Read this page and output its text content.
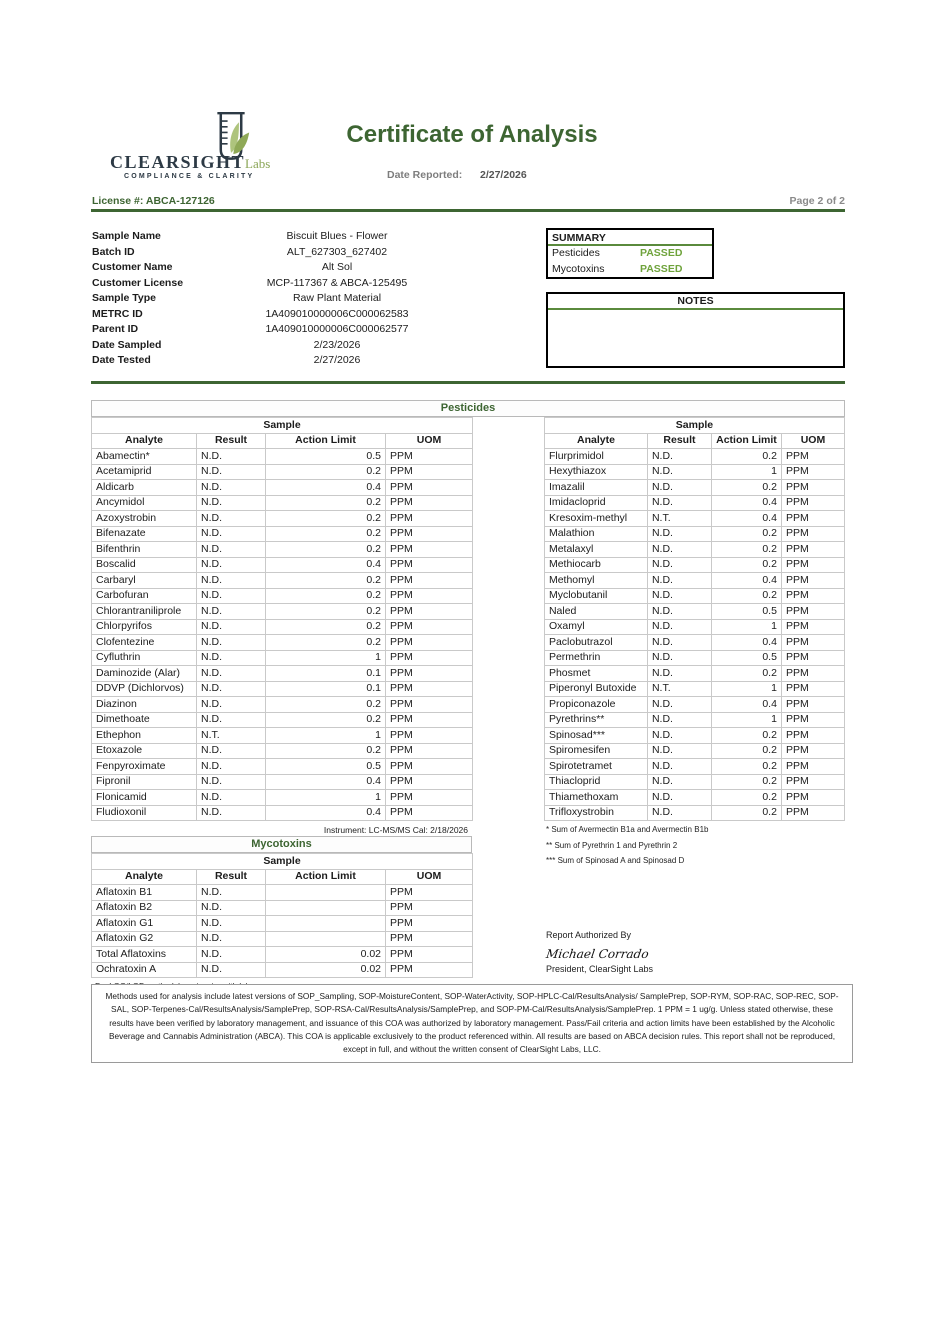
CLEARSIGHTLabs
COMPLIANCE & CLARITY
Certificate of Analysis
Date Reported: 2/27/2026
License #: ABCA-127126	Page 2 of 2
Sample Name	Biscuit Blues - Flower
Batch ID	ALT_627303_627402
Customer Name	Alt Sol
Customer License	MCP-117367 & ABCA-125495
Sample Type	Raw Plant Material
METRC ID	1A409010000006C000062583
Parent ID	1A409010000006C000062577
Date Sampled	2/23/2026
Date Tested	2/27/2026
SUMMARY
Pesticides	PASSED
Mycotoxins	PASSED
NOTES
Pesticides
Sample			
Analyte	Result	Action Limit	UOM
Abamectin*	N.D.	0.5	PPM
Acetamiprid	N.D.	0.2	PPM
Aldicarb	N.D.	0.4	PPM
Ancymidol	N.D.	0.2	PPM
Azoxystrobin	N.D.	0.2	PPM
Bifenazate	N.D.	0.2	PPM
Bifenthrin	N.D.	0.2	PPM
Boscalid	N.D.	0.4	PPM
Carbaryl	N.D.	0.2	PPM
Carbofuran	N.D.	0.2	PPM
Chlorantraniliprole	N.D.	0.2	PPM
Chlorpyrifos	N.D.	0.2	PPM
Clofentezine	N.D.	0.2	PPM
Cyfluthrin	N.D.	1	PPM
Daminozide (Alar)	N.D.	0.1	PPM
DDVP (Dichlorvos)	N.D.	0.1	PPM
Diazinon	N.D.	0.2	PPM
Dimethoate	N.D.	0.2	PPM
Ethephon	N.T.	1	PPM
Etoxazole	N.D.	0.2	PPM
Fenpyroximate	N.D.	0.5	PPM
Fipronil	N.D.	0.4	PPM
Flonicamid	N.D.	1	PPM
Fludioxonil	N.D.	0.4	PPM
Sample			
Analyte	Result	Action Limit	UOM
Flurprimidol	N.D.	0.2	PPM
Hexythiazox	N.D.	1	PPM
Imazalil	N.D.	0.2	PPM
Imidacloprid	N.D.	0.4	PPM
Kresoxim-methyl	N.T.	0.4	PPM
Malathion	N.D.	0.2	PPM
Metalaxyl	N.D.	0.2	PPM
Methiocarb	N.D.	0.2	PPM
Methomyl	N.D.	0.4	PPM
Myclobutanil	N.D.	0.2	PPM
Naled	N.D.	0.5	PPM
Oxamyl	N.D.	1	PPM
Paclobutrazol	N.D.	0.4	PPM
Permethrin	N.D.	0.5	PPM
Phosmet	N.D.	0.2	PPM
Piperonyl Butoxide	N.T.	1	PPM
Propiconazole	N.D.	0.4	PPM
Pyrethrins**	N.D.	1	PPM
Spinosad***	N.D.	0.2	PPM
Spiromesifen	N.D.	0.2	PPM
Spirotetramet	N.D.	0.2	PPM
Thiacloprid	N.D.	0.2	PPM
Thiamethoxam	N.D.	0.2	PPM
Trifloxystrobin	N.D.	0.2	PPM
Instrument: LC-MS/MS Cal: 2/18/2026	* Sum of Avermectin B1a and Avermectin B1b
** Sum of Pyrethrin 1 and Pyrethrin 2
*** Sum of Spinosad A and Spinosad D
Mycotoxins
Sample			
Analyte	Result	Action Limit	UOM
Aflatoxin B1	N.D.		PPM
Aflatoxin B2	N.D.		PPM
Aflatoxin G1	N.D.		PPM
Aflatoxin G2	N.D.		PPM
Total Aflatoxins	N.D.	0.02	PPM
Ochratoxin A	N.D.	0.02	PPM
Report Authorized By
Michael Corrado
President, ClearSight Labs
Methods used for analysis include latest versions of SOP_Sampling, SOP-MoistureContent, SOP-WaterActivity, SOP-HPLC-Cal/ResultsAnalysis/ SamplePrep, SOP-RYM, SOP-RAC, SOP-REC, SOP-SAL, SOP-Terpenes-Cal/ResultsAnalysis/SamplePrep, SOP-RSA-Cal/ResultsAnalysis/SamplePrep, and SOP-PM-Cal/ResultsAnalysis/SamplePrep. 1 PPM = 1 ug/g. Unless stated otherwise, these results have been verified by laboratory management, and issuance of this COA was authorized by laboratory management. Pass/Fail criteria and action limits have been established by the Alcoholic Beverage and Cannabis Administration (ABCA). This COA is applicable exclusively to the product referenced within. All results are based on ABCA decision rules. This report shall not be reproduced, except in full, and without the written consent of ClearSight Labs, LLC.
